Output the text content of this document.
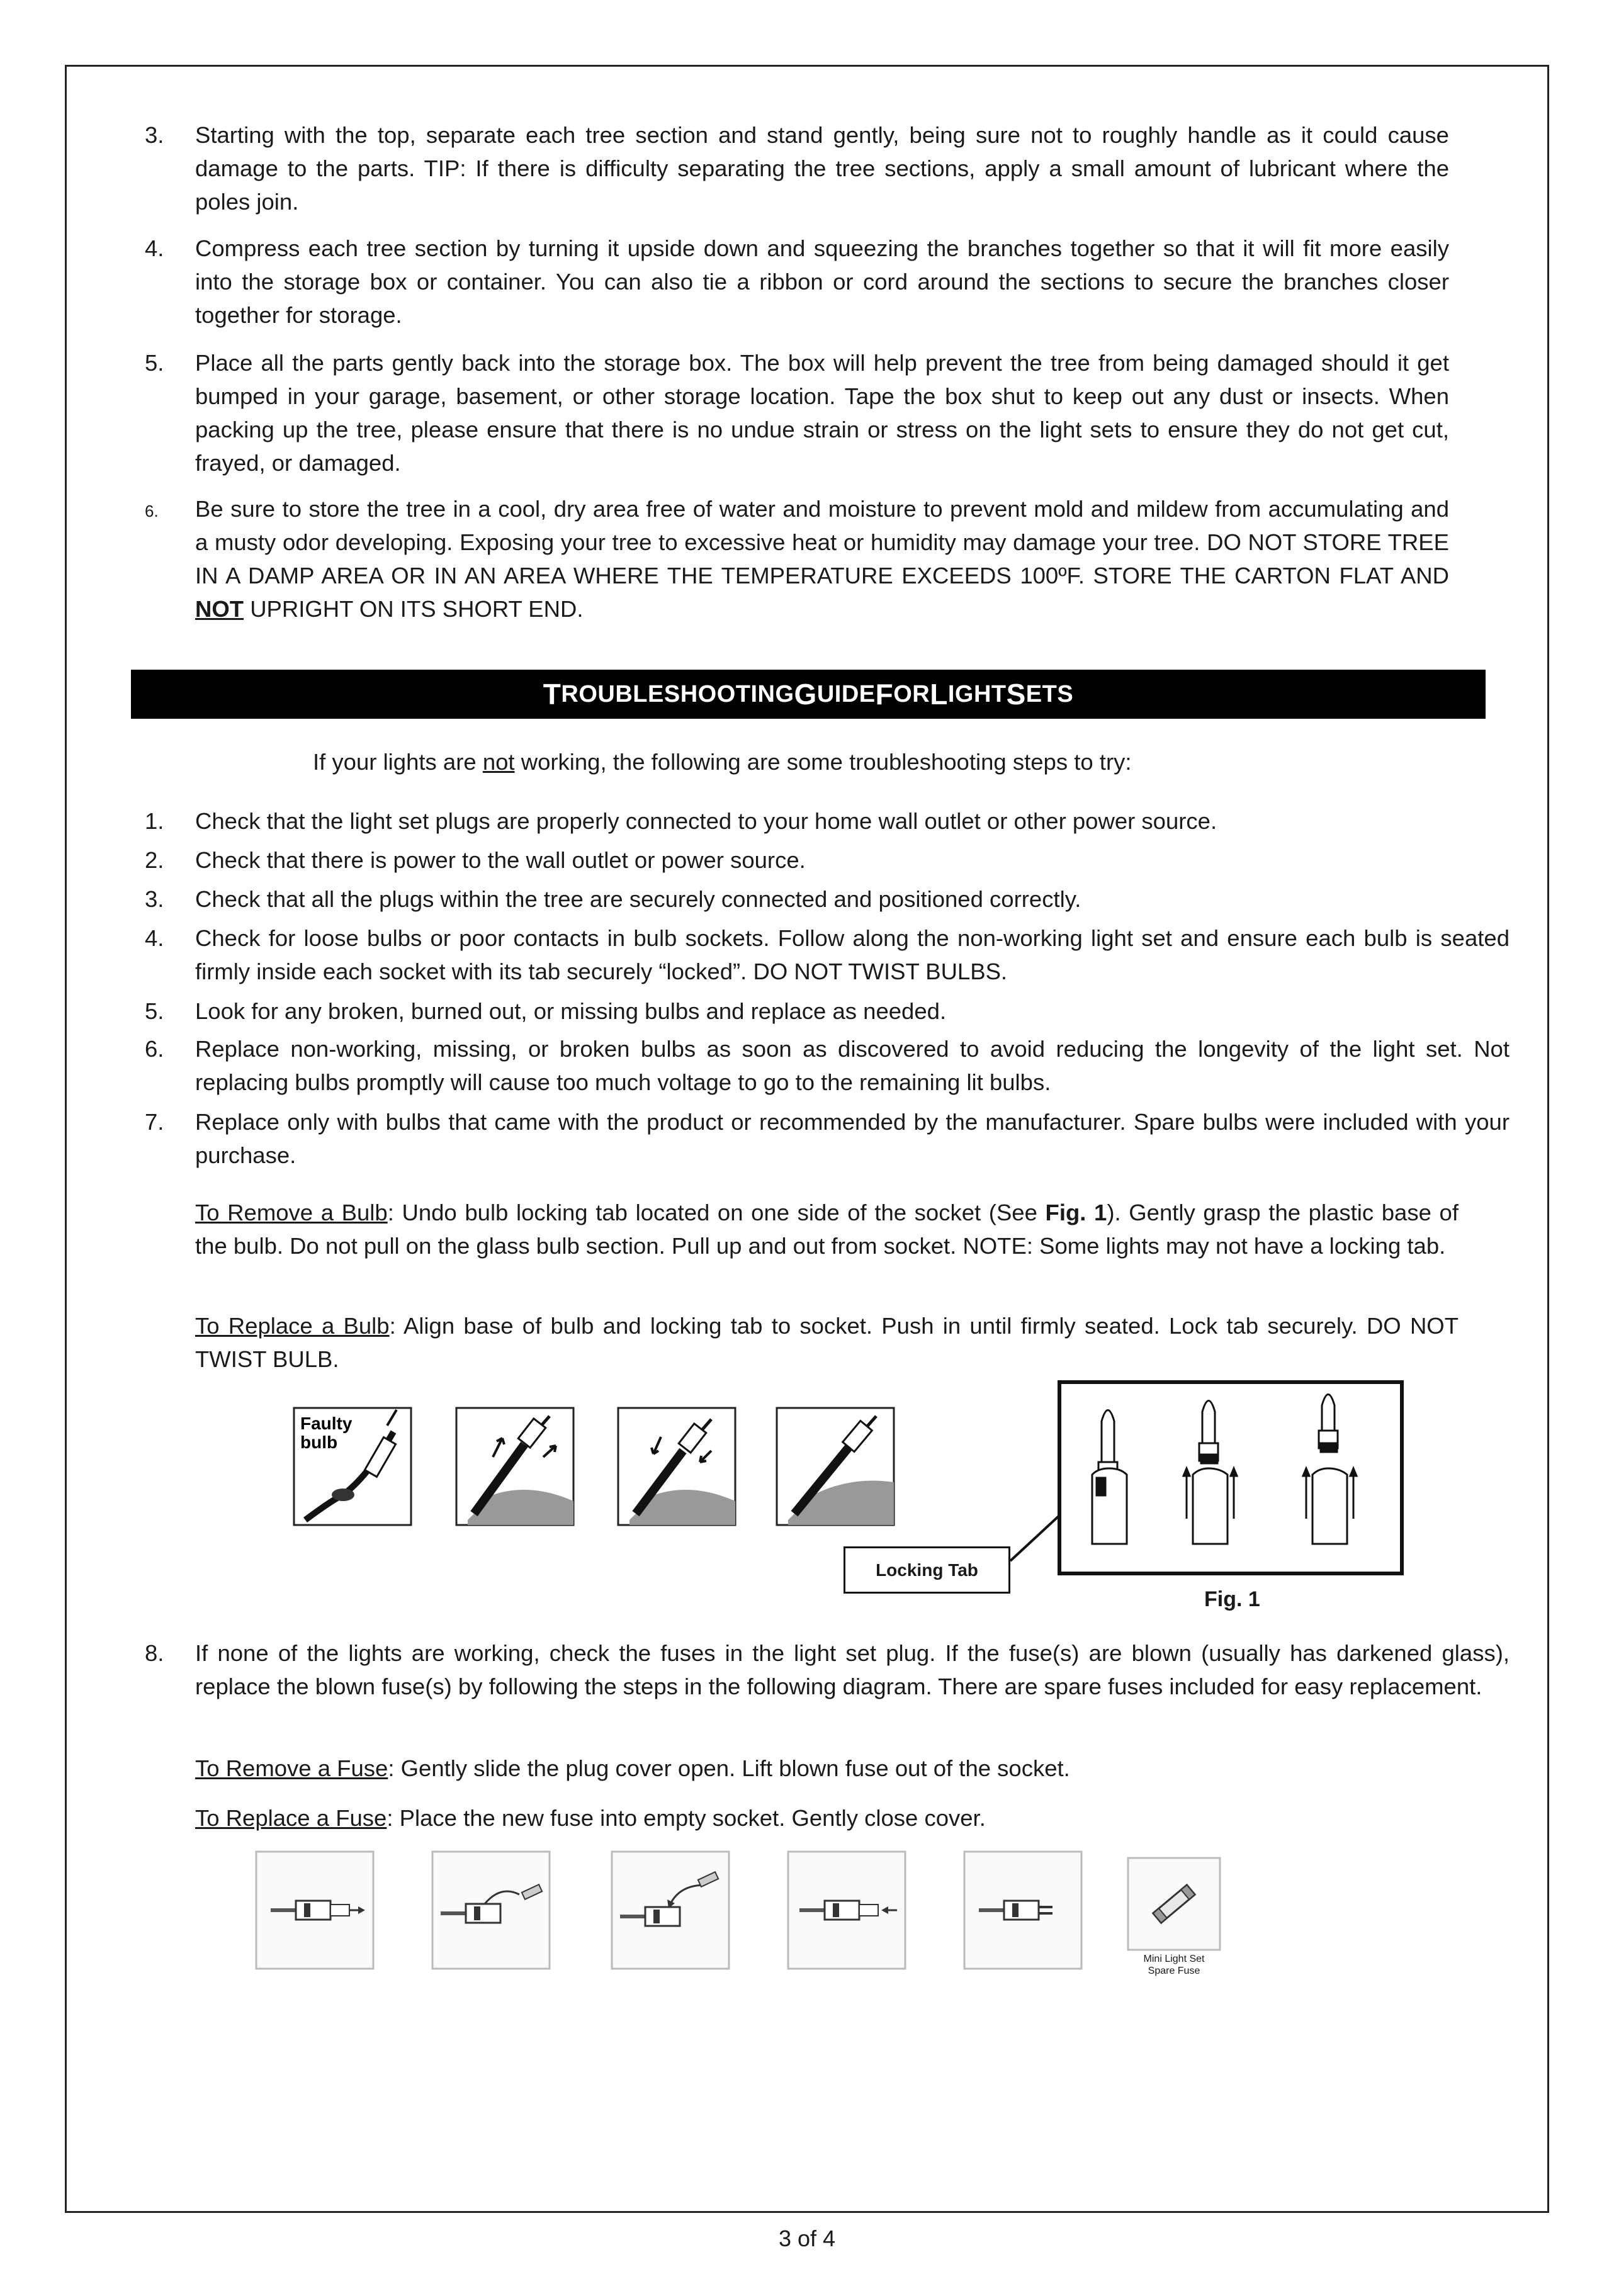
3. Starting with the top, separate each tree section and stand gently, being sure not to roughly handle as it could cause damage to the parts. TIP: If there is difficulty separating the tree sections, apply a small amount of lubricant where the poles join.
4. Compress each tree section by turning it upside down and squeezing the branches together so that it will fit more easily into the storage box or container. You can also tie a ribbon or cord around the sections to secure the branches closer together for storage.
5. Place all the parts gently back into the storage box. The box will help prevent the tree from being damaged should it get bumped in your garage, basement, or other storage location. Tape the box shut to keep out any dust or insects. When packing up the tree, please ensure that there is no undue strain or stress on the light sets to ensure they do not get cut, frayed, or damaged.
6. Be sure to store the tree in a cool, dry area free of water and moisture to prevent mold and mildew from accumulating and a musty odor developing. Exposing your tree to excessive heat or humidity may damage your tree. DO NOT STORE TREE IN A DAMP AREA OR IN AN AREA WHERE THE TEMPERATURE EXCEEDS 100ºF. STORE THE CARTON FLAT AND NOT UPRIGHT ON ITS SHORT END.
T ROUBLESHOOTING G UIDE F OR L IGHT S ETS
If your lights are not working, the following are some troubleshooting steps to try:
1. Check that the light set plugs are properly connected to your home wall outlet or other power source.
2. Check that there is power to the wall outlet or power source.
3. Check that all the plugs within the tree are securely connected and positioned correctly.
4. Check for loose bulbs or poor contacts in bulb sockets. Follow along the non-working light set and ensure each bulb is seated firmly inside each socket with its tab securely “locked”. DO NOT TWIST BULBS.
5. Look for any broken, burned out, or missing bulbs and replace as needed.
6. Replace non-working, missing, or broken bulbs as soon as discovered to avoid reducing the longevity of the light set. Not replacing bulbs promptly will cause too much voltage to go to the remaining lit bulbs.
7. Replace only with bulbs that came with the product or recommended by the manufacturer. Spare bulbs were included with your purchase.
To Remove a Bulb: Undo bulb locking tab located on one side of the socket (See Fig. 1). Gently grasp the plastic base of the bulb. Do not pull on the glass bulb section. Pull up and out from socket. NOTE: Some lights may not have a locking tab.
To Replace a Bulb: Align base of bulb and locking tab to socket. Push in until firmly seated. Lock tab securely. DO NOT TWIST BULB.
Faulty
bulb
Locking Tab
Fig. 1
8. If none of the lights are working, check the fuses in the light set plug. If the fuse(s) are blown (usually has darkened glass), replace the blown fuse(s) by following the steps in the following diagram. There are spare fuses included for easy replacement.
To Remove a Fuse: Gently slide the plug cover open. Lift blown fuse out of the socket.
To Replace a Fuse: Place the new fuse into empty socket. Gently close cover.
Mini Light Set
Spare Fuse
3 of 4
